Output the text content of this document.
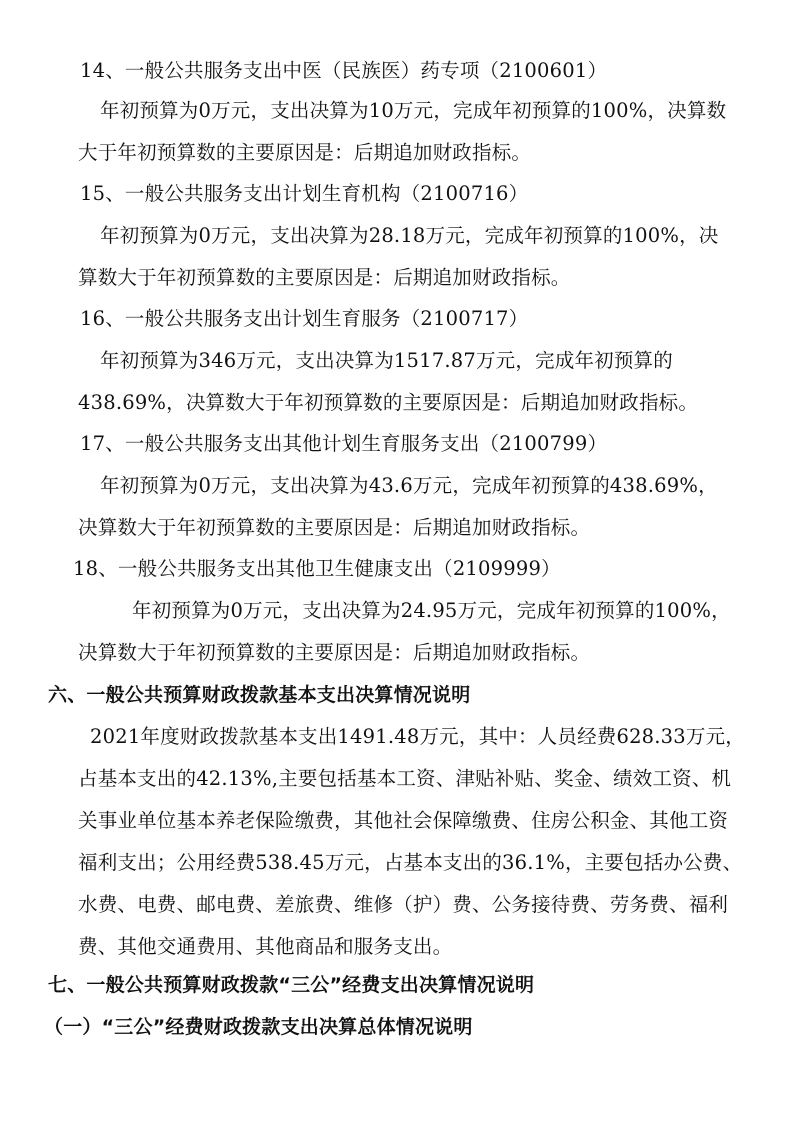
14、一般公共服务支出中医（民族医）药专项（2100601）
年初预算为0万元，支出决算为10万元，完成年初预算的100%，决算数
大于年初预算数的主要原因是：后期追加财政指标。
15、一般公共服务支出计划生育机构（2100716）
年初预算为0万元，支出决算为28.18万元，完成年初预算的100%，决
算数大于年初预算数的主要原因是：后期追加财政指标。
16、一般公共服务支出计划生育服务（2100717）
年初预算为346万元，支出决算为1517.87万元，完成年初预算的
438.69%，决算数大于年初预算数的主要原因是：后期追加财政指标。
17、一般公共服务支出其他计划生育服务支出（2100799）
年初预算为0万元，支出决算为43.6万元，完成年初预算的438.69%，
决算数大于年初预算数的主要原因是：后期追加财政指标。
18、一般公共服务支出其他卫生健康支出（2109999）
年初预算为0万元，支出决算为24.95万元，完成年初预算的100%，
决算数大于年初预算数的主要原因是：后期追加财政指标。
六、一般公共预算财政拨款基本支出决算情况说明
2021年度财政拨款基本支出1491.48万元，其中：人员经费628.33万元，
占基本支出的42.13%,主要包括基本工资、津贴补贴、奖金、绩效工资、机
关事业单位基本养老保险缴费，其他社会保障缴费、住房公积金、其他工资
福利支出；公用经费538.45万元，占基本支出的36.1%，主要包括办公费、
水费、电费、邮电费、差旅费、维修（护）费、公务接待费、劳务费、福利
费、其他交通费用、其他商品和服务支出。
七、一般公共预算财政拨款“三公”经费支出决算情况说明
（一）“三公”经费财政拨款支出决算总体情况说明
